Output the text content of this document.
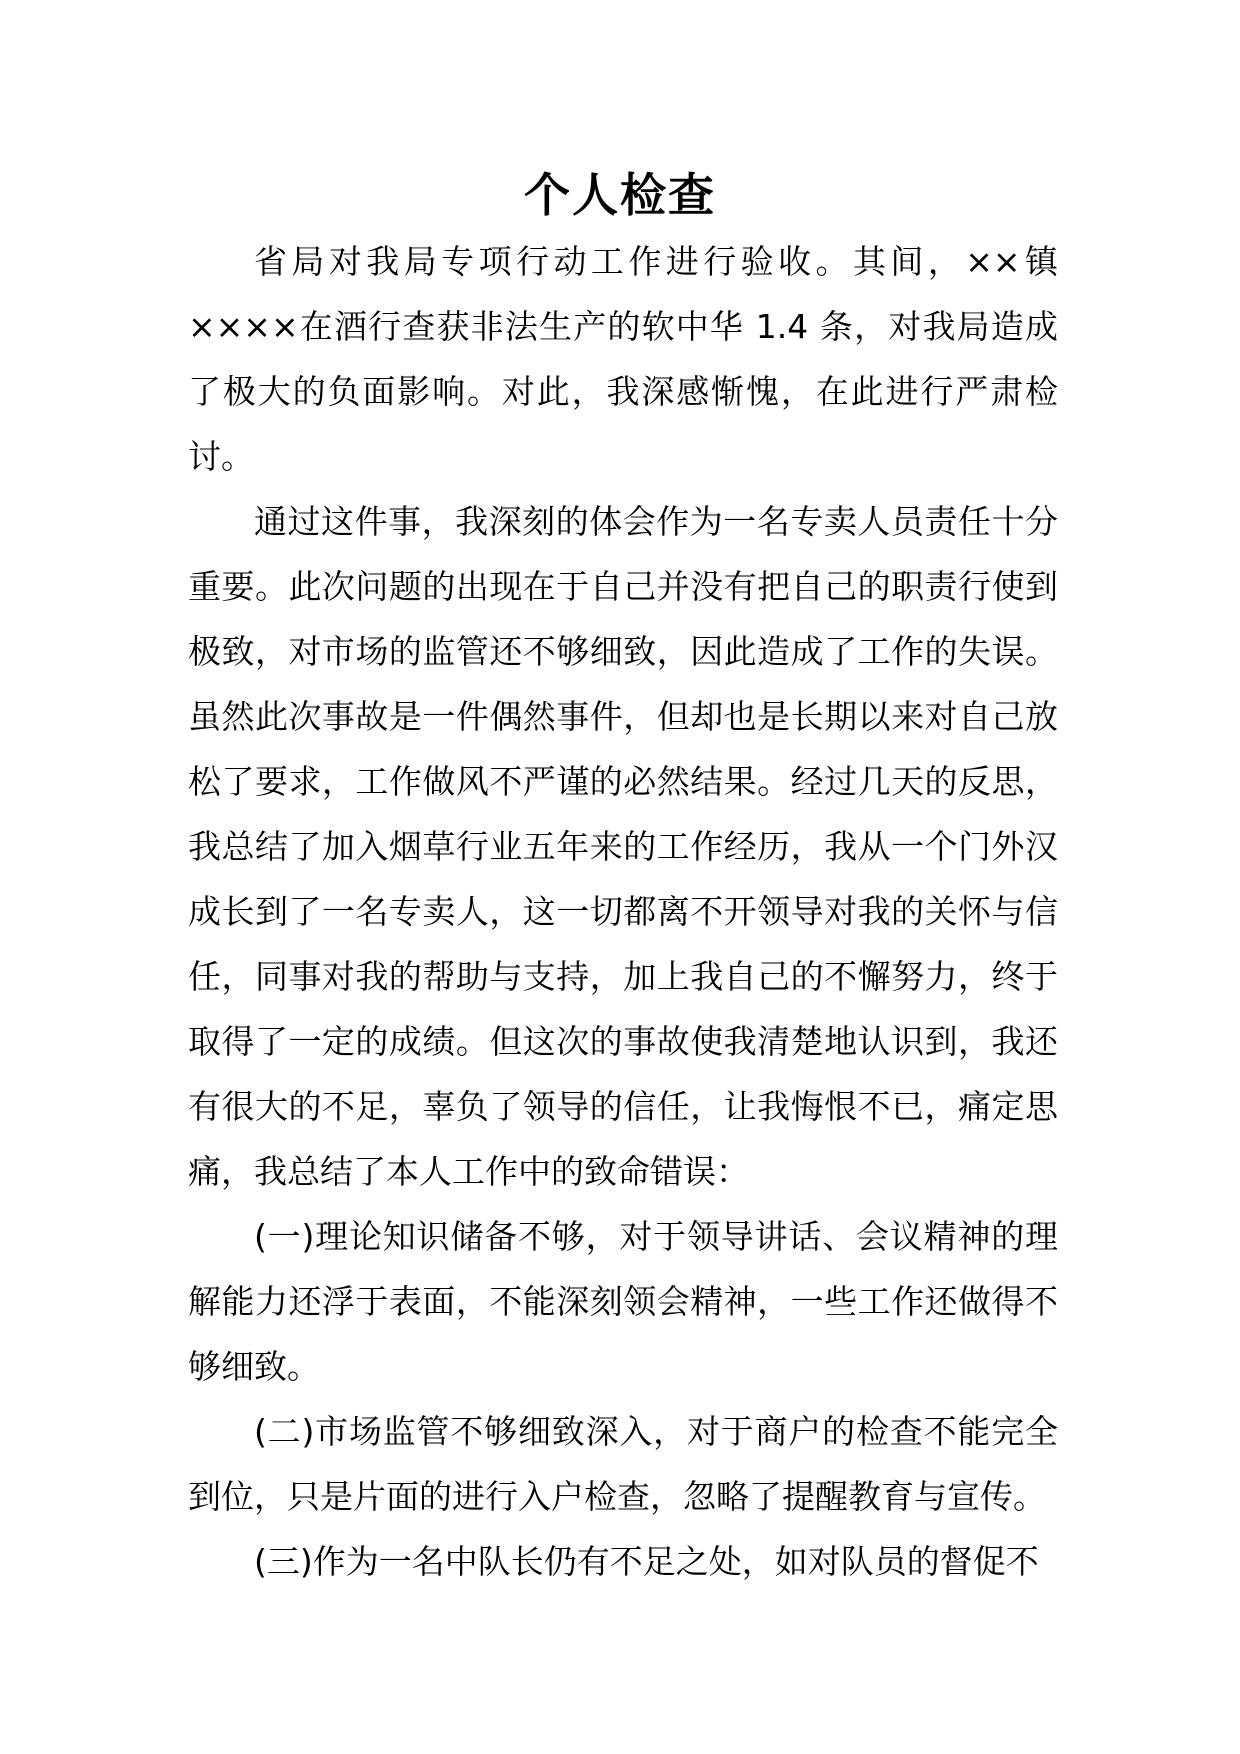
个人检查

省局对我局专项行动工作进行验收。其间，××镇××××在酒行查获非法生产的软中华 1.4 条，对我局造成了极大的负面影响。对此，我深感惭愧，在此进行严肃检讨。

通过这件事，我深刻的体会作为一名专卖人员责任十分重要。此次问题的出现在于自己并没有把自己的职责行使到极致，对市场的监管还不够细致，因此造成了工作的失误。虽然此次事故是一件偶然事件，但却也是长期以来对自己放松了要求，工作做风不严谨的必然结果。经过几天的反思，我总结了加入烟草行业五年来的工作经历，我从一个门外汉成长到了一名专卖人，这一切都离不开领导对我的关怀与信任，同事对我的帮助与支持，加上我自己的不懈努力，终于取得了一定的成绩。但这次的事故使我清楚地认识到，我还有很大的不足，辜负了领导的信任，让我悔恨不已，痛定思痛，我总结了本人工作中的致命错误：

(一)理论知识储备不够，对于领导讲话、会议精神的理解能力还浮于表面，不能深刻领会精神，一些工作还做得不够细致。

(二)市场监管不够细致深入，对于商户的检查不能完全到位，只是片面的进行入户检查，忽略了提醒教育与宣传。

(三)作为一名中队长仍有不足之处，如对队员的督促不
